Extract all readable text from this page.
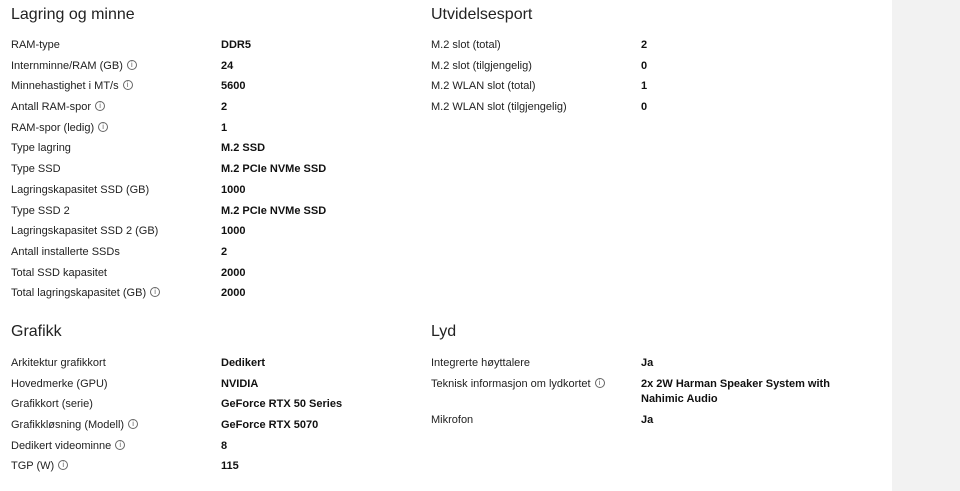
Lagring og minne
RAM-type	DDR5
Internminne/RAM (GB) i	24
Minnehastighet i MT/s i	5600
Antall RAM-spor i	2
RAM-spor (ledig) i	1
Type lagring	M.2 SSD
Type SSD	M.2 PCIe NVMe SSD
Lagringskapasitet SSD (GB)	1000
Type SSD 2	M.2 PCIe NVMe SSD
Lagringskapasitet SSD 2 (GB)	1000
Antall installerte SSDs	2
Total SSD kapasitet	2000
Total lagringskapasitet (GB) i	2000
Utvidelsesport
M.2 slot (total)	2
M.2 slot (tilgjengelig)	0
M.2 WLAN slot (total)	1
M.2 WLAN slot (tilgjengelig)	0
Grafikk
Arkitektur grafikkort	Dedikert
Hovedmerke (GPU)	NVIDIA
Grafikkort (serie)	GeForce RTX 50 Series
Grafikkløsning (Modell) i	GeForce RTX 5070
Dedikert videominne i	8
TGP (W) i	115
Lyd
Integrerte høyttalere	Ja
Teknisk informasjon om lydkortet i	2x 2W Harman Speaker System with Nahimic Audio
Mikrofon	Ja
